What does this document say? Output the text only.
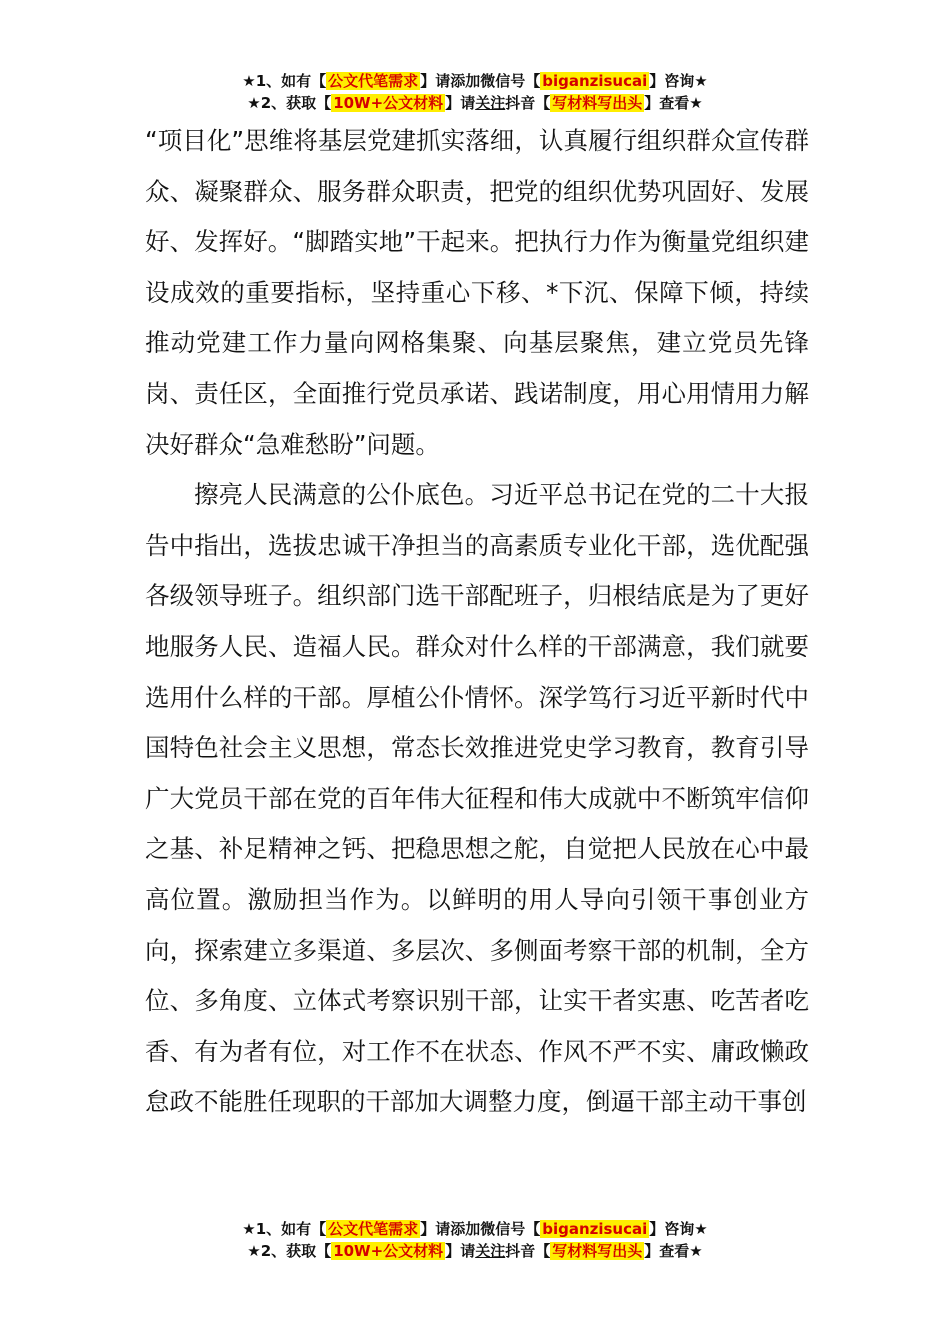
★1、如有【 公文代笔需求 】请添加微信号【 biganzisucai 】咨询★
★2、获取【 10W+公文材料 】请关注抖音【 写材料写出头 】查看★

“项目化”思维将基层党建抓实落细，认真履行组织群众宣传群众、凝聚群众、服务群众职责，把党的组织优势巩固好、发展好、发挥好。“脚踏实地”干起来。把执行力作为衡量党组织建设成效的重要指标，坚持重心下移、*下沉、保障下倾，持续推动党建工作力量向网格集聚、向基层聚焦，建立党员先锋岗、责任区，全面推行党员承诺、践诺制度，用心用情用力解决好群众“急难愁盼”问题。

擦亮人民满意的公仆底色。习近平总书记在党的二十大报告中指出，选拔忠诚干净担当的高素质专业化干部，选优配强各级领导班子。组织部门选干部配班子，归根结底是为了更好地服务人民、造福人民。群众对什么样的干部满意，我们就要选用什么样的干部。厚植公仆情怀。深学笃行习近平新时代中国特色社会主义思想，常态长效推进党史学习教育，教育引导广大党员干部在党的百年伟大征程和伟大成就中不断筑牢信仰之基、补足精神之钙、把稳思想之舵，自觉把人民放在心中最高位置。激励担当作为。以鲜明的用人导向引领干事创业方向，探索建立多渠道、多层次、多侧面考察干部的机制，全方位、多角度、立体式考察识别干部，让实干者实惠、吃苦者吃香、有为者有位，对工作不在状态、作风不严不实、庸政懒政怠政不能胜任现职的干部加大调整力度，倒逼干部主动干事创

★1、如有【 公文代笔需求 】请添加微信号【 biganzisucai 】咨询★
★2、获取【 10W+公文材料 】请关注抖音【 写材料写出头 】查看★
